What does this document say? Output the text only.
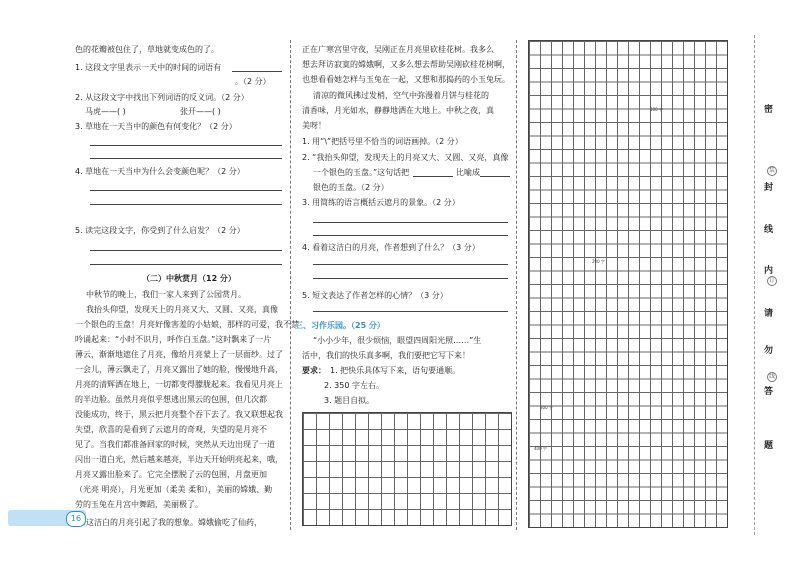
色的花瓣被包住了，草地就变成色的了。
1. 这段文字里表示一天中的时间的词语有
。（2 分）
2. 从这段文字中找出下列词语的反义词。（2 分）
马虎——( )	张开——( )
3. 草地在一天当中的颜色有何变化？（2 分）
4. 草地在一天当中为什么会变颜色呢？（2 分）
5. 读完这段文字，你受到了什么启发？（2 分）
（二）中秋赏月（12 分）
中秋节的晚上，我们一家人来到了公园赏月。
我抬头仰望，发现天上的月亮又大、又圆、又亮，真像
一个银色的玉盘！月亮好像害羞的小姑娘，那样的可爱，我不禁
吟诵起来：“小时不识月，呼作白玉盘。”这时飘来了一片
薄云，渐渐地遮住了月亮，像给月亮蒙上了一层面纱。过了
一会儿，薄云飘走了，月亮又露出了她的脸，慢慢地升高，
月亮的清辉洒在地上，一切都变得朦胧起来。我看见月亮上
的半边脸。虽然月亮似乎想逃出黑云的包围，但几次都
没能成功，终于，黑云把月亮整个吞下去了。我又联想起我
失望，欣喜的是看到了云遮月的奇观，失望的是月亮不
见了。当我们都准备回家的时候，突然从天边出现了一道
闪出一道白光，然后越来越亮，半边天开始明亮起来，哦，
月亮又露出脸来了。它完全摆脱了云的包围，月盘更加
（光亮 明亮），月光更加（柔美 柔和），美丽的嫦娥、勤
劳的玉兔在月宫中舞蹈，美丽极了。
这洁白的月亮引起了我的想象。嫦娥偷吃了仙药，
正在广寒宫里守夜，吴刚正在月亮里砍桂花树。我多么
想去拜访寂寞的嫦娥啊，又多么想去帮助吴刚砍桂花树啊，
也想看看她怎样与玉兔在一起，又想和那捣药的小玉兔玩。
清凉的微风拂过发梢，空气中弥漫着月饼与桂花的
清香味，月光如水，静静地洒在大地上。中秋之夜，真
美呀！
1. 用“\”把括号里不恰当的词语画掉。（2 分）
2. “我抬头仰望，发现天上的月亮又大、又圆、又亮，真像
一个银色的玉盘。”这句话把	比喻成
银色的玉盘。（2 分）
3. 用简练的语言概括云遮月的景象。（2 分）
4. 看着这洁白的月亮，作者想到了什么？（3 分）
5. 短文表达了作者怎样的心情？（3 分）
三、习作乐园。（25 分）
“小小少年，很少烦恼，眼望四周阳光照……”生
活中，我们的快乐真多啊，我们要把它写下来！
要求： 1. 把快乐具体写下来，语句要通顺。
2. 350 字左右。
3. 题目自拟。
100 字
200 字
300 字
400 字
密
装
封
线
内
订
请
勿
线
答
题
16
